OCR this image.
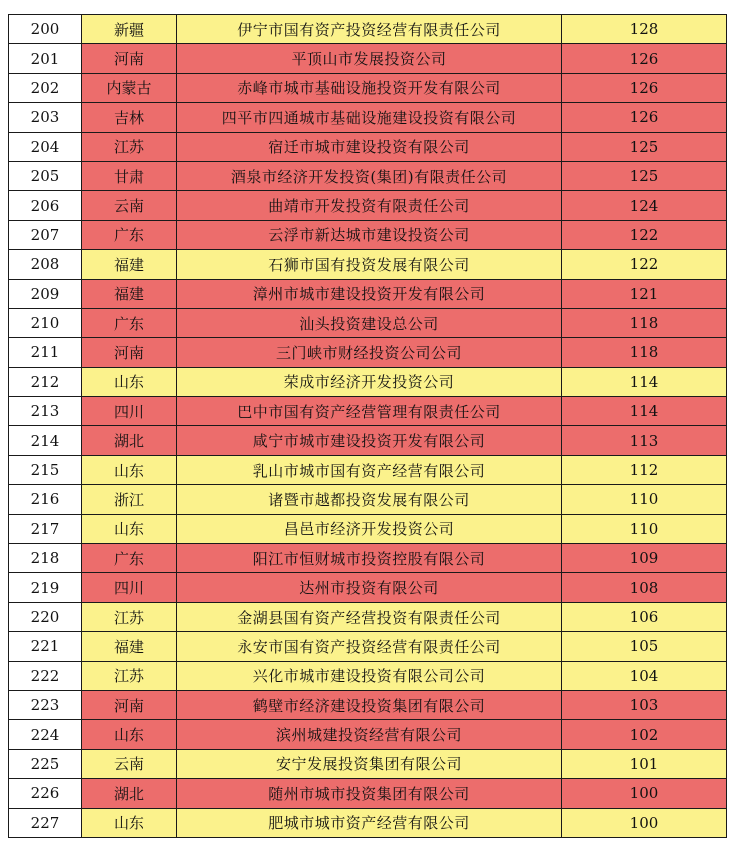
200	新疆	伊宁市国有资产投资经营有限责任公司	128
201	河南	平顶山市发展投资公司	126
202	内蒙古	赤峰市城市基础设施投资开发有限公司	126
203	吉林	四平市四通城市基础设施建设投资有限公司	126
204	江苏	宿迁市城市建设投资有限公司	125
205	甘肃	酒泉市经济开发投资(集团)有限责任公司	125
206	云南	曲靖市开发投资有限责任公司	124
207	广东	云浮市新达城市建设投资公司	122
208	福建	石狮市国有投资发展有限公司	122
209	福建	漳州市城市建设投资开发有限公司	121
210	广东	汕头投资建设总公司	118
211	河南	三门峡市财经投资公司公司	118
212	山东	荣成市经济开发投资公司	114
213	四川	巴中市国有资产经营管理有限责任公司	114
214	湖北	咸宁市城市建设投资开发有限公司	113
215	山东	乳山市城市国有资产经营有限公司	112
216	浙江	诸暨市越都投资发展有限公司	110
217	山东	昌邑市经济开发投资公司	110
218	广东	阳江市恒财城市投资控股有限公司	109
219	四川	达州市投资有限公司	108
220	江苏	金湖县国有资产经营投资有限责任公司	106
221	福建	永安市国有资产投资经营有限责任公司	105
222	江苏	兴化市城市建设投资有限公司公司	104
223	河南	鹤壁市经济建设投资集团有限公司	103
224	山东	滨州城建投资经营有限公司	102
225	云南	安宁发展投资集团有限公司	101
226	湖北	随州市城市投资集团有限公司	100
227	山东	肥城市城市资产经营有限公司	100
